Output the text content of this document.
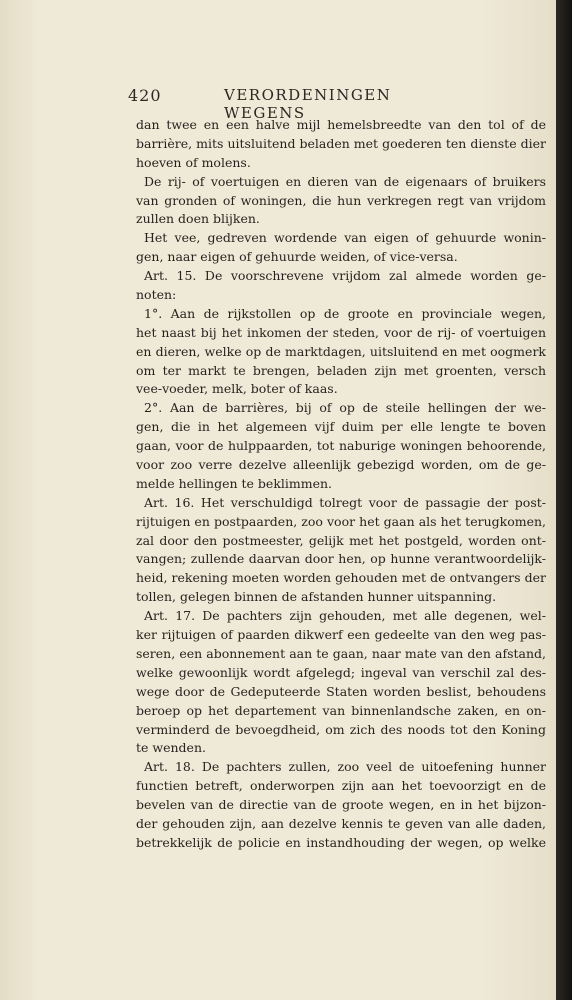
420	VERORDENINGEN WEGENS
dan twee en een halve mijl hemelsbreedte van den tol of de
barrière, mits uitsluitend beladen met goederen ten dienste dier
hoeven of molens.
De rij- of voertuigen en dieren van de eigenaars of bruikers
van gronden of woningen, die hun verkregen regt van vrijdom
zullen doen blijken.
Het vee, gedreven wordende van eigen of gehuurde wonin-
gen, naar eigen of gehuurde weiden, of vice-versa.
Art. 15. De voorschrevene vrijdom zal almede worden ge-
noten:
1°. Aan de rijkstollen op de groote en provinciale wegen,
het naast bij het inkomen der steden, voor de rij- of voertuigen
en dieren, welke op de marktdagen, uitsluitend en met oogmerk
om ter markt te brengen, beladen zijn met groenten, versch
vee-voeder, melk, boter of kaas.
2°. Aan de barrières, bij of op de steile hellingen der we-
gen, die in het algemeen vijf duim per elle lengte te boven
gaan, voor de hulppaarden, tot naburige woningen behoorende,
voor zoo verre dezelve alleenlijk gebezigd worden, om de ge-
melde hellingen te beklimmen.
Art. 16. Het verschuldigd tolregt voor de passagie der post-
rijtuigen en postpaarden, zoo voor het gaan als het terugkomen,
zal door den postmeester, gelijk met het postgeld, worden ont-
vangen; zullende daarvan door hen, op hunne verantwoordelijk-
heid, rekening moeten worden gehouden met de ontvangers der
tollen, gelegen binnen de afstanden hunner uitspanning.
Art. 17. De pachters zijn gehouden, met alle degenen, wel-
ker rijtuigen of paarden dikwerf een gedeelte van den weg pas-
seren, een abonnement aan te gaan, naar mate van den afstand,
welke gewoonlijk wordt afgelegd; ingeval van verschil zal des-
wege door de Gedeputeerde Staten worden beslist, behoudens
beroep op het departement van binnenlandsche zaken, en on-
verminderd de bevoegdheid, om zich des noods tot den Koning
te wenden.
Art. 18. De pachters zullen, zoo veel de uitoefening hunner
functien betreft, onderworpen zijn aan het toevoorzigt en de
bevelen van de directie van de groote wegen, en in het bijzon-
der gehouden zijn, aan dezelve kennis te geven van alle daden,
betrekkelijk de policie en instandhouding der wegen, op welke
